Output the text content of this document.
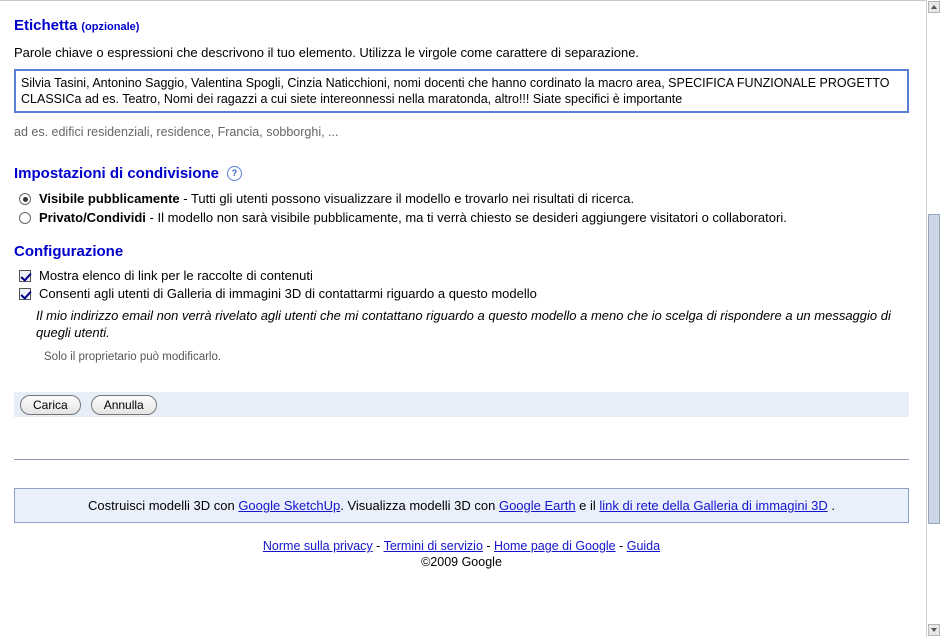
Etichetta (opzionale)
Parole chiave o espressioni che descrivono il tuo elemento. Utilizza le virgole come carattere di separazione.
Silvia Tasini, Antonino Saggio, Valentina Spogli, Cinzia Naticchioni, nomi docenti che hanno cordinato la macro area, SPECIFICA FUNZIONALE PROGETTO CLASSICa ad es. Teatro, Nomi dei ragazzi a cui siete intereonnessi nella maratonda, altro!!! Siate specifici è importante
ad es. edifici residenziali, residence, Francia, sobborghi, ...
Impostazioni di condivisione	?
Visibile pubblicamente - Tutti gli utenti possono visualizzare il modello e trovarlo nei risultati di ricerca.
Privato/Condividi - Il modello non sarà visibile pubblicamente, ma ti verrà chiesto se desideri aggiungere visitatori o collaboratori.
Configurazione
Mostra elenco di link per le raccolte di contenuti
Consenti agli utenti di Galleria di immagini 3D di contattarmi riguardo a questo modello
Il mio indirizzo email non verrà rivelato agli utenti che mi contattano riguardo a questo modello a meno che io scelga di rispondere a un messaggio di quegli utenti.
Solo il proprietario può modificarlo.
Carica	Annulla
Costruisci modelli 3D con Google SketchUp. Visualizza modelli 3D con Google Earth e il link di rete della Galleria di immagini 3D .
Norme sulla privacy - Termini di servizio - Home page di Google - Guida
©2009 Google
